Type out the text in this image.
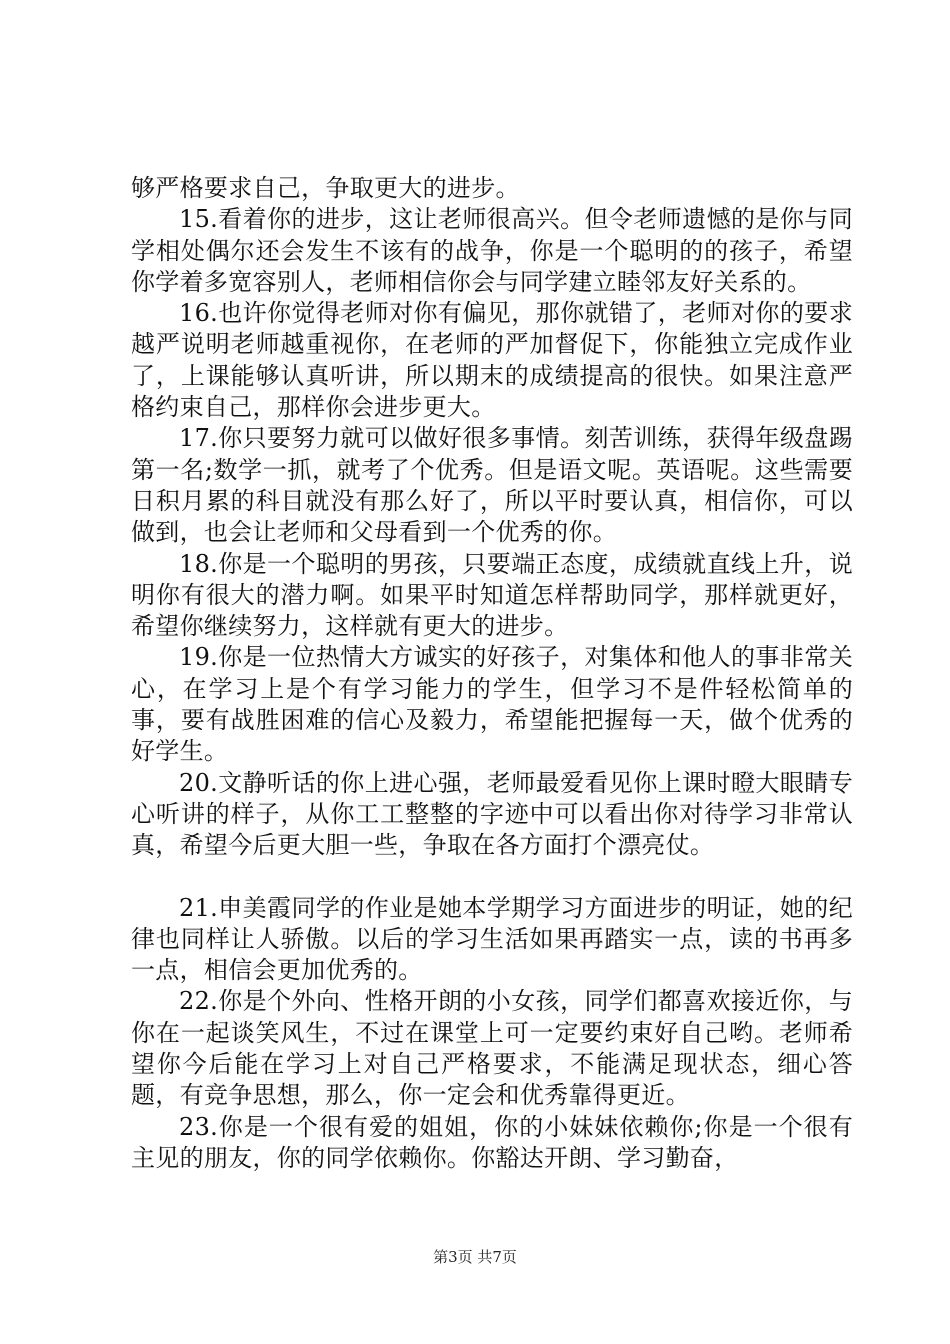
够严格要求自己，争取更大的进步。

15.看着你的进步，这让老师很高兴。但令老师遗憾的是你与同学相处偶尔还会发生不该有的战争，你是一个聪明的的孩子，希望你学着多宽容别人，老师相信你会与同学建立睦邻友好关系的。

16.也许你觉得老师对你有偏见，那你就错了，老师对你的要求越严说明老师越重视你，在老师的严加督促下，你能独立完成作业了，上课能够认真听讲，所以期末的成绩提高的很快。如果注意严格约束自己，那样你会进步更大。

17.你只要努力就可以做好很多事情。刻苦训练，获得年级盘踢第一名;数学一抓，就考了个优秀。但是语文呢。英语呢。这些需要日积月累的科目就没有那么好了，所以平时要认真，相信你，可以做到，也会让老师和父母看到一个优秀的你。

18.你是一个聪明的男孩，只要端正态度，成绩就直线上升，说明你有很大的潜力啊。如果平时知道怎样帮助同学，那样就更好，希望你继续努力，这样就有更大的进步。

19.你是一位热情大方诚实的好孩子，对集体和他人的事非常关心，在学习上是个有学习能力的学生，但学习不是件轻松简单的事，要有战胜困难的信心及毅力，希望能把握每一天，做个优秀的好学生。

20.文静听话的你上进心强，老师最爱看见你上课时瞪大眼睛专心听讲的样子，从你工工整整的字迹中可以看出你对待学习非常认真，希望今后更大胆一些，争取在各方面打个漂亮仗。

21.申美霞同学的作业是她本学期学习方面进步的明证，她的纪律也同样让人骄傲。以后的学习生活如果再踏实一点，读的书再多一点，相信会更加优秀的。

22.你是个外向、性格开朗的小女孩，同学们都喜欢接近你，与你在一起谈笑风生，不过在课堂上可一定要约束好自己哟。老师希望你今后能在学习上对自己严格要求，不能满足现状态，细心答题，有竞争思想，那么，你一定会和优秀靠得更近。

23.你是一个很有爱的姐姐，你的小妹妹依赖你;你是一个很有主见的朋友，你的同学依赖你。你豁达开朗、学习勤奋，

第3页 共7页
